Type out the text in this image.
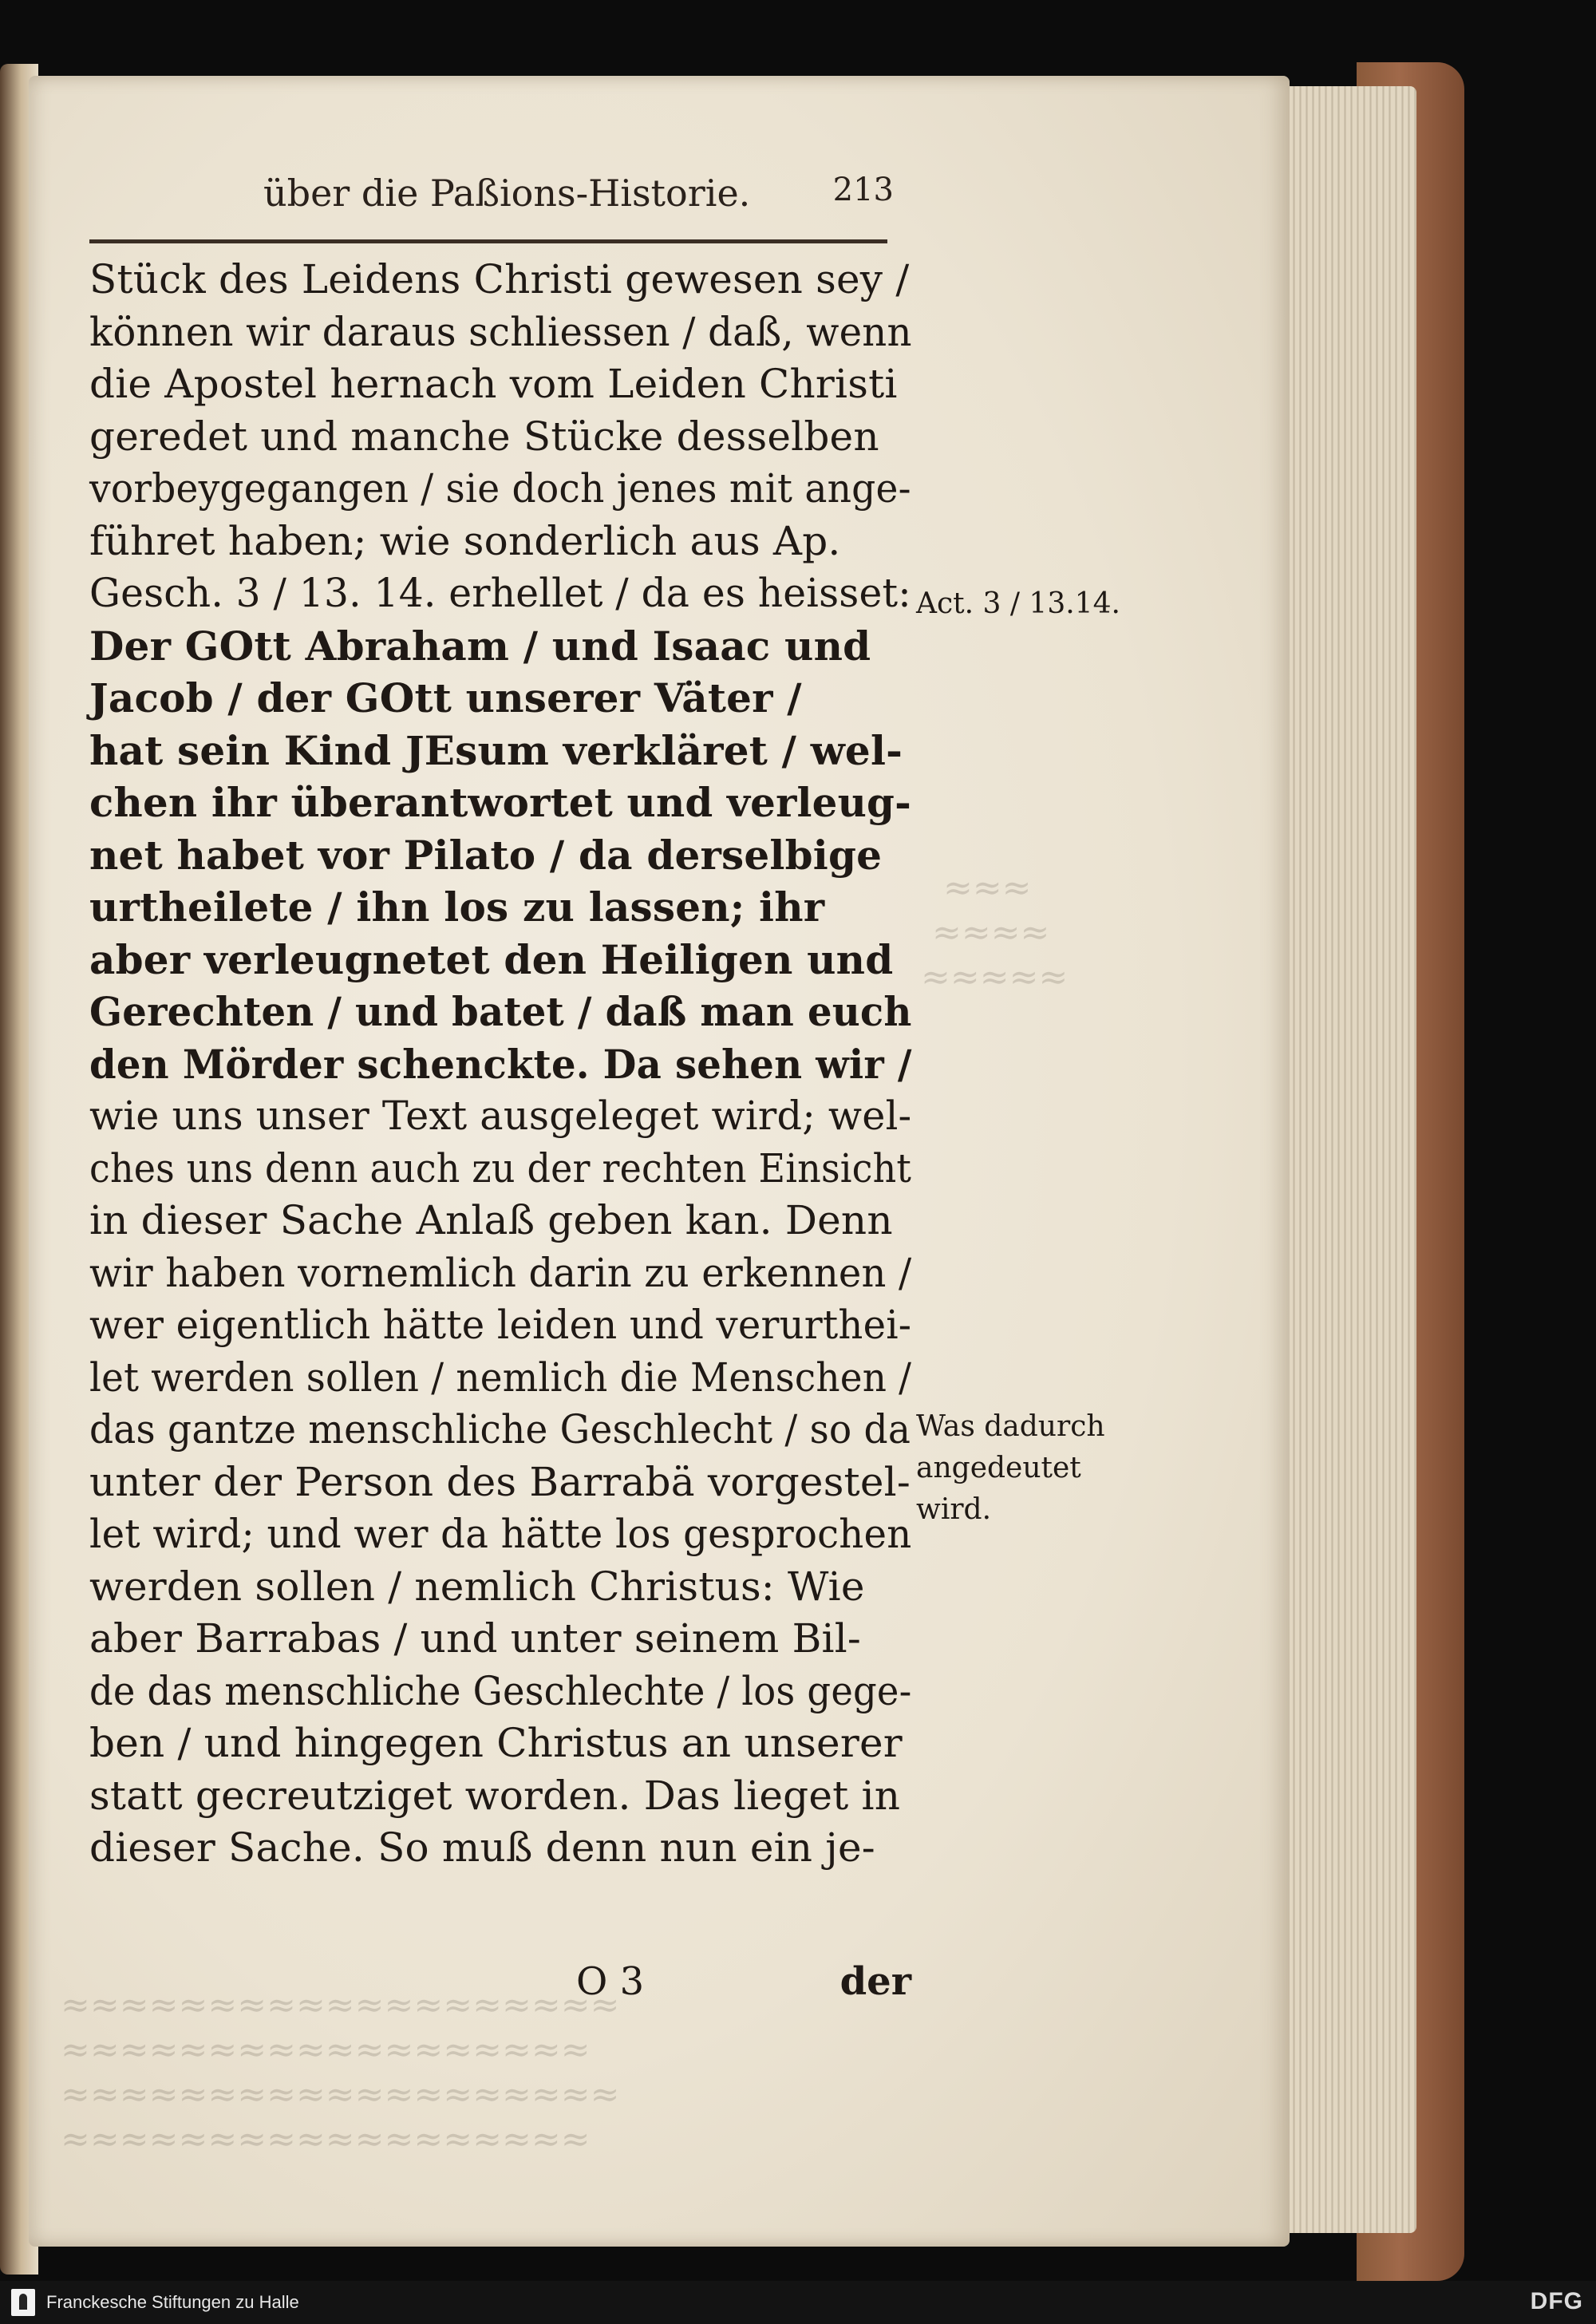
≈≈≈
≈≈≈≈
≈≈≈≈≈
≈≈≈≈≈≈≈≈≈≈≈≈≈≈≈≈≈≈≈
≈≈≈≈≈≈≈≈≈≈≈≈≈≈≈≈≈≈
≈≈≈≈≈≈≈≈≈≈≈≈≈≈≈≈≈≈≈
≈≈≈≈≈≈≈≈≈≈≈≈≈≈≈≈≈≈
über die Paßions-Historie.	213
Stück des Leidens Christi gewesen sey /
können wir daraus schliessen / daß, wenn
die Apostel hernach vom Leiden Christi
geredet und manche Stücke desselben
vorbeygegangen / sie doch jenes mit ange-
führet haben; wie sonderlich aus Ap.
Gesch. 3 / 13. 14. erhellet / da es heisset:
Der GOtt Abraham / und Isaac und
Jacob / der GOtt unserer Väter /
hat sein Kind JEsum verkläret / wel-
chen ihr überantwortet und verleug-
net habet vor Pilato / da derselbige
urtheilete / ihn los zu lassen; ihr
aber verleugnetet den Heiligen und
Gerechten / und batet / daß man euch
den Mörder schenckte. Da sehen wir /
wie uns unser Text ausgeleget wird; wel-
ches uns denn auch zu der rechten Einsicht
in dieser Sache Anlaß geben kan. Denn
wir haben vornemlich darin zu erkennen /
wer eigentlich hätte leiden und verurthei-
let werden sollen / nemlich die Menschen /
das gantze menschliche Geschlecht / so da
unter der Person des Barrabä vorgestel-
let wird; und wer da hätte los gesprochen
werden sollen / nemlich Christus: Wie
aber Barrabas / und unter seinem Bil-
de das menschliche Geschlechte / los gege-
ben / und hingegen Christus an unserer
statt gecreutziget worden. Das lieget in
dieser Sache. So muß denn nun ein je-
Act. 3 / 13.14.
Was dadurch
angedeutet
wird.
O 3	der
Franckesche Stiftungen zu Halle	DFG
